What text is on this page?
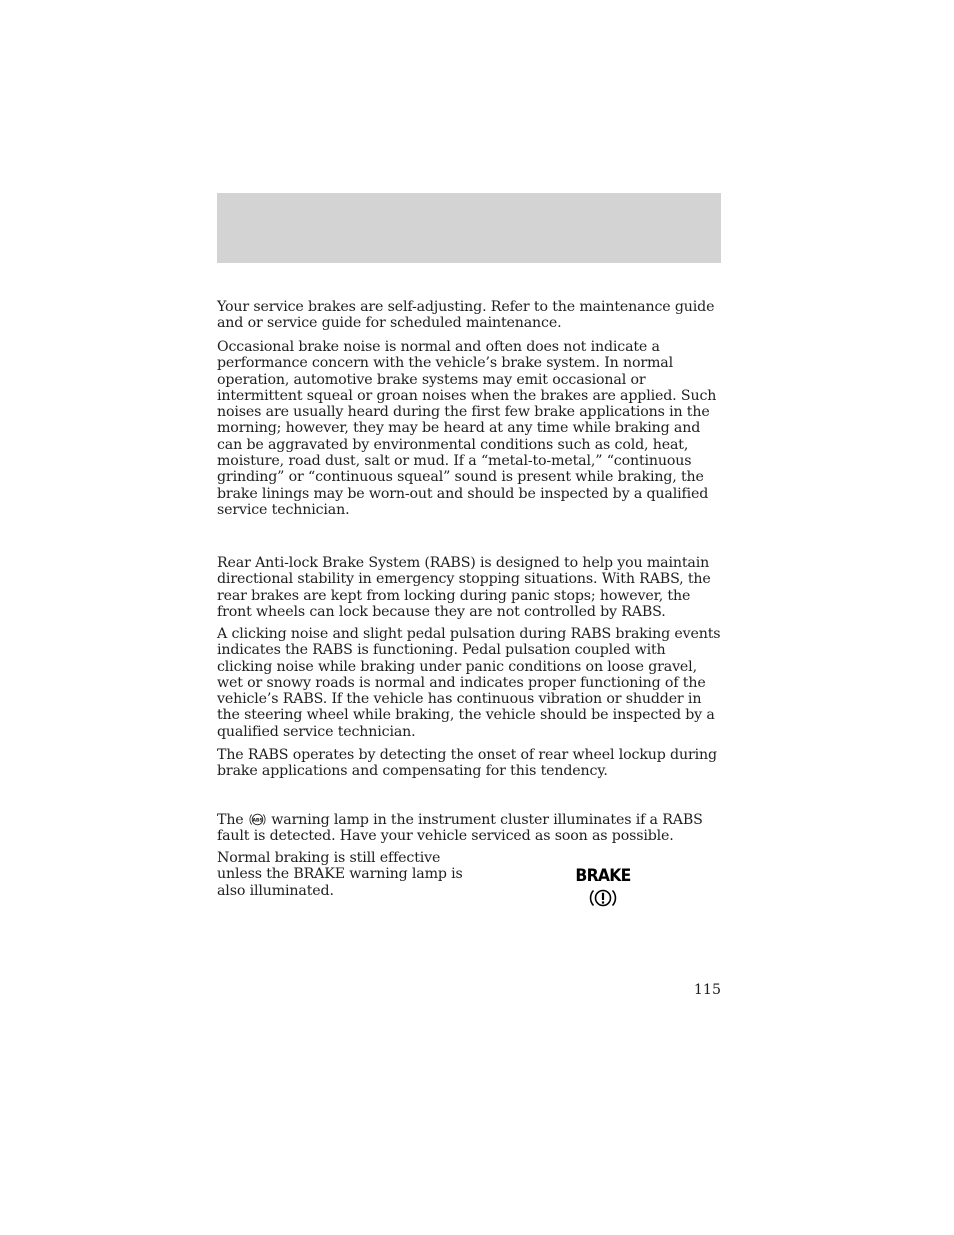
Your service brakes are self-adjusting. Refer to the maintenance guide and or service guide for scheduled maintenance.

Occasional brake noise is normal and often does not indicate a performance concern with the vehicle’s brake system. In normal operation, automotive brake systems may emit occasional or intermittent squeal or groan noises when the brakes are applied. Such noises are usually heard during the first few brake applications in the morning; however, they may be heard at any time while braking and can be aggravated by environmental conditions such as cold, heat, moisture, road dust, salt or mud. If a “metal-to-metal,” “continuous grinding” or “continuous squeal” sound is present while braking, the brake linings may be worn-out and should be inspected by a qualified service technician.

Rear Anti-lock Brake System (RABS) is designed to help you maintain directional stability in emergency stopping situations. With RABS, the rear brakes are kept from locking during panic stops; however, the front wheels can lock because they are not controlled by RABS.

A clicking noise and slight pedal pulsation during RABS braking events indicates the RABS is functioning. Pedal pulsation coupled with clicking noise while braking under panic conditions on loose gravel, wet or snowy roads is normal and indicates proper functioning of the vehicle’s RABS. If the vehicle has continuous vibration or shudder in the steering wheel while braking, the vehicle should be inspected by a qualified service technician.

The RABS operates by detecting the onset of rear wheel lockup during brake applications and compensating for this tendency.

The ABS warning lamp in the instrument cluster illuminates if a RABS fault is detected. Have your vehicle serviced as soon as possible.

Normal braking is still effective unless the BRAKE warning lamp is also illuminated.

BRAKE
115
